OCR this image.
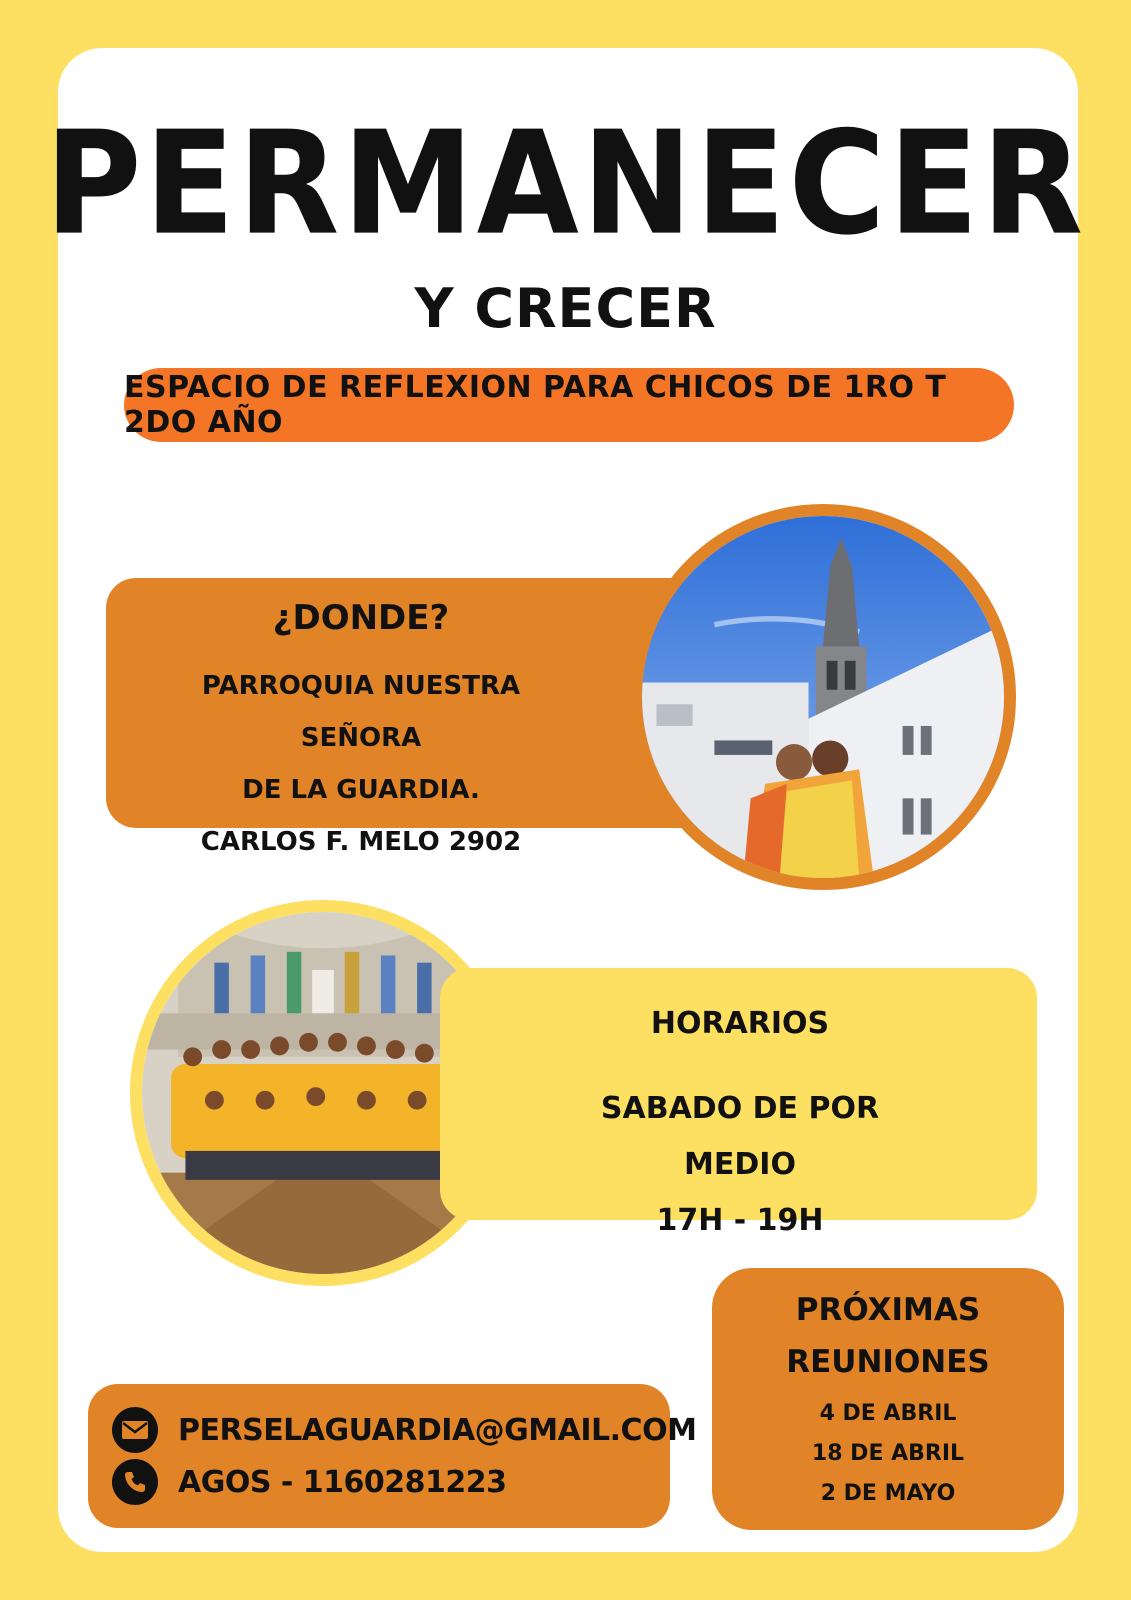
PERMANECER
Y CRECER
ESPACIO DE REFLEXION PARA CHICOS DE 1RO T 2DO AÑO
¿DONDE?
PARROQUIA NUESTRA SEÑORA
DE LA GUARDIA.
CARLOS F. MELO 2902
HORARIOS
SABADO DE POR MEDIO
17H - 19H
PRÓXIMAS
REUNIONES
4 DE ABRIL
18 DE ABRIL
2 DE MAYO
PERSELAGUARDIA@GMAIL.COM
AGOS - 1160281223
